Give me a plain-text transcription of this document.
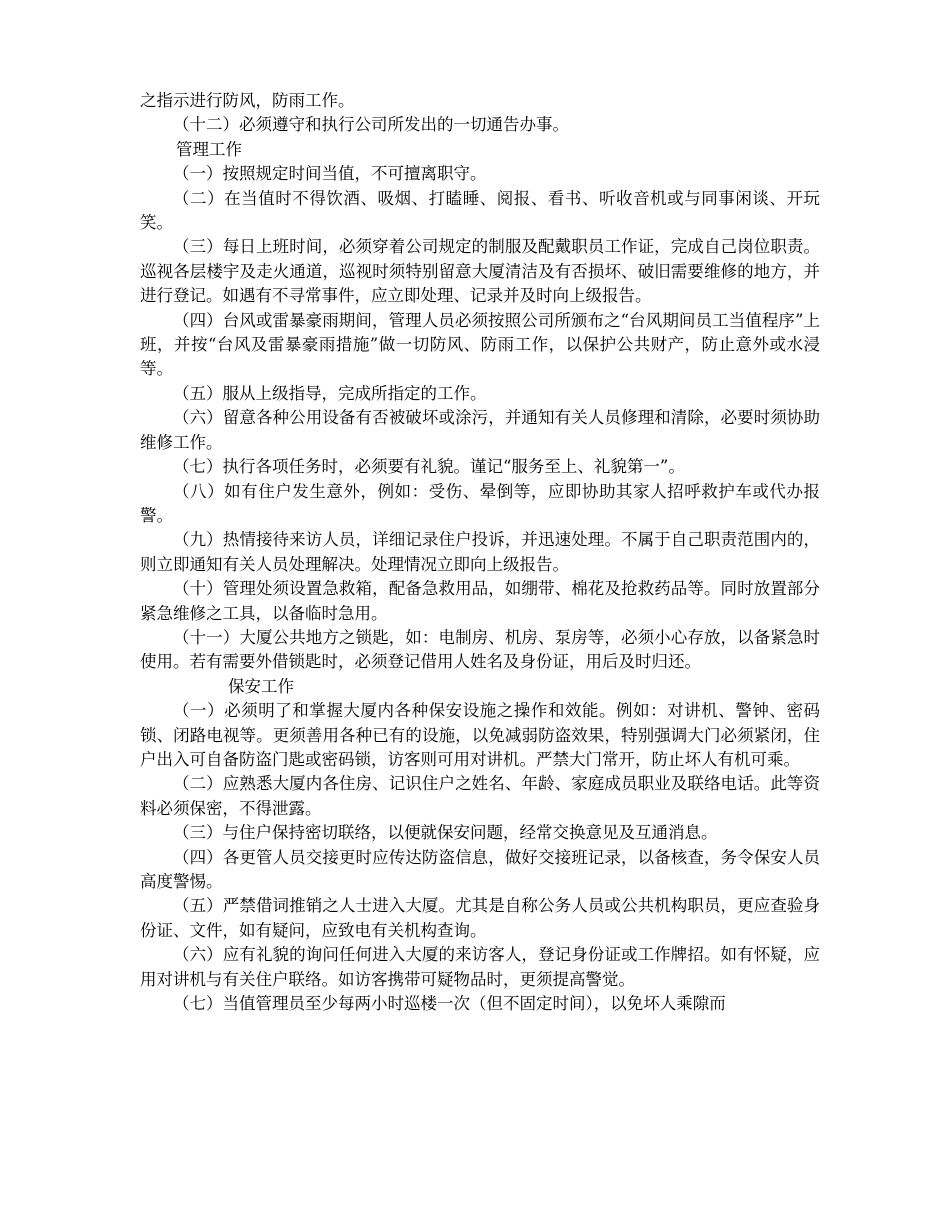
之指示进行防风，防雨工作。

（十二）必须遵守和执行公司所发出的一切通告办事。

管理工作

（一）按照规定时间当值，不可擅离职守。

（二）在当值时不得饮酒、吸烟、打瞌睡、阅报、看书、听收音机或与同事闲谈、开玩笑。

（三）每日上班时间，必须穿着公司规定的制服及配戴职员工作证，完成自己岗位职责。巡视各层楼宇及走火通道，巡视时须特别留意大厦清洁及有否损坏、破旧需要维修的地方，并进行登记。如遇有不寻常事件，应立即处理、记录并及时向上级报告。

（四）台风或雷暴豪雨期间，管理人员必须按照公司所颁布之“台风期间员工当值程序”上班，并按“台风及雷暴豪雨措施”做一切防风、防雨工作，以保护公共财产，防止意外或水浸等。

（五）服从上级指导，完成所指定的工作。

（六）留意各种公用设备有否被破坏或涂污，并通知有关人员修理和清除，必要时须协助维修工作。

（七）执行各项任务时，必须要有礼貌。谨记“服务至上、礼貌第一”。

（八）如有住户发生意外，例如：受伤、晕倒等，应即协助其家人招呼救护车或代办报警。

（九）热情接待来访人员，详细记录住户投诉，并迅速处理。不属于自己职责范围内的，则立即通知有关人员处理解决。处理情况立即向上级报告。

（十）管理处须设置急救箱，配备急救用品，如绷带、棉花及抢救药品等。同时放置部分紧急维修之工具，以备临时急用。

（十一）大厦公共地方之锁匙，如：电制房、机房、泵房等，必须小心存放，以备紧急时使用。若有需要外借锁匙时，必须登记借用人姓名及身份证，用后及时归还。

保安工作

（一）必须明了和掌握大厦内各种保安设施之操作和效能。例如：对讲机、警钟、密码锁、闭路电视等。更须善用各种已有的设施，以免减弱防盗效果，特别强调大门必须紧闭，住户出入可自备防盗门匙或密码锁，访客则可用对讲机。严禁大门常开，防止坏人有机可乘。

（二）应熟悉大厦内各住房、记识住户之姓名、年龄、家庭成员职业及联络电话。此等资料必须保密，不得泄露。

（三）与住户保持密切联络，以便就保安问题，经常交换意见及互通消息。

（四）各更管人员交接更时应传达防盗信息，做好交接班记录，以备核查，务令保安人员高度警惕。

（五）严禁借词推销之人士进入大厦。尤其是自称公务人员或公共机构职员，更应查验身份证、文件，如有疑问，应致电有关机构查询。

（六）应有礼貌的询问任何进入大厦的来访客人，登记身份证或工作牌招。如有怀疑，应用对讲机与有关住户联络。如访客携带可疑物品时，更须提高警觉。

（七）当值管理员至少每两小时巡楼一次（但不固定时间），以免坏人乘隙而
